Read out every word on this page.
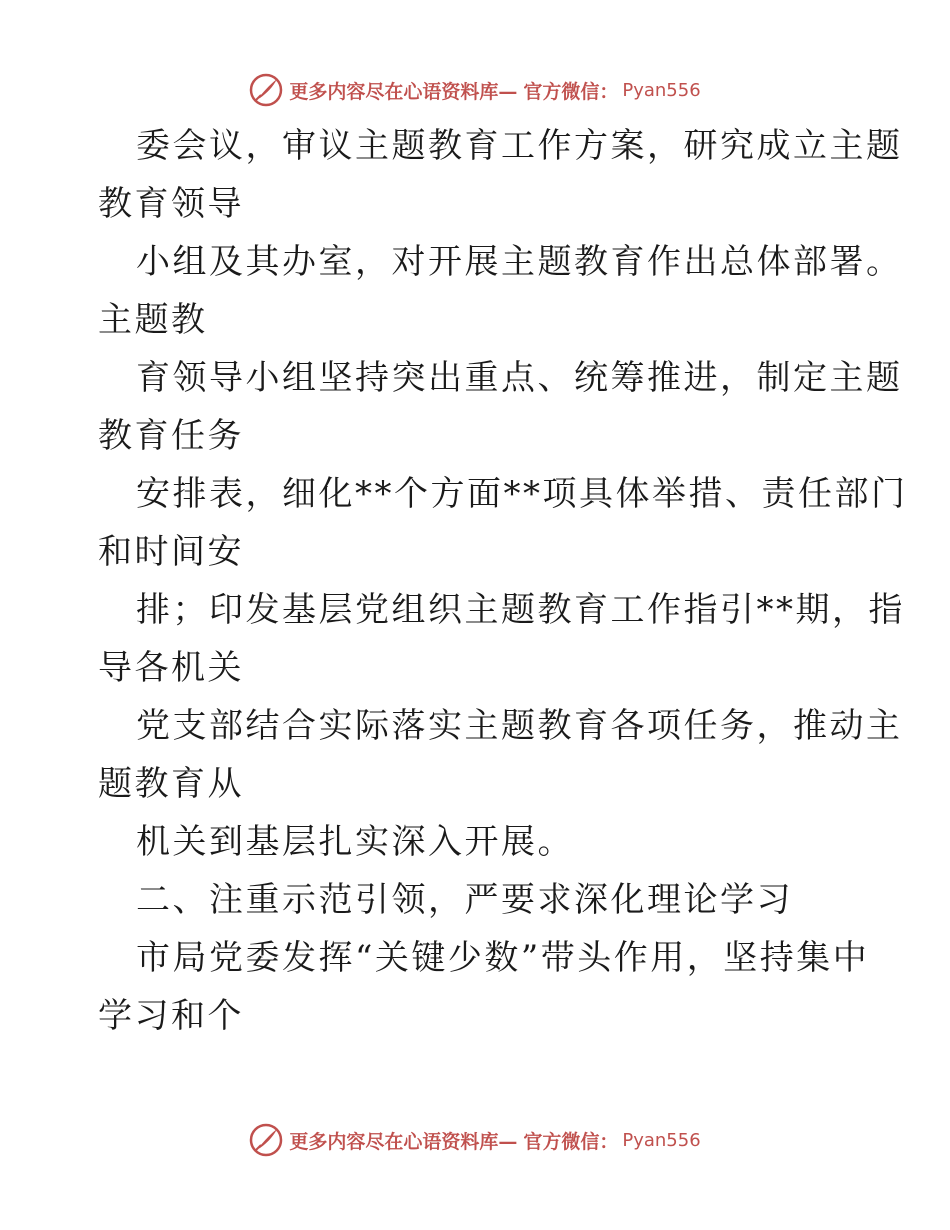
更多内容尽在心语资料库— 官方微信： Pyan556
委会议，审议主题教育工作方案，研究成立主题
教育领导
小组及其办室，对开展主题教育作出总体部署。
主题教
育领导小组坚持突出重点、统筹推进，制定主题
教育任务
安排表，细化**个方面**项具体举措、责任部门
和时间安
排；印发基层党组织主题教育工作指引**期，指
导各机关
党支部结合实际落实主题教育各项任务，推动主
题教育从
机关到基层扎实深入开展。
二、注重示范引领，严要求深化理论学习
市局党委发挥“关键少数”带头作用，坚持集中
学习和个
更多内容尽在心语资料库— 官方微信： Pyan556
